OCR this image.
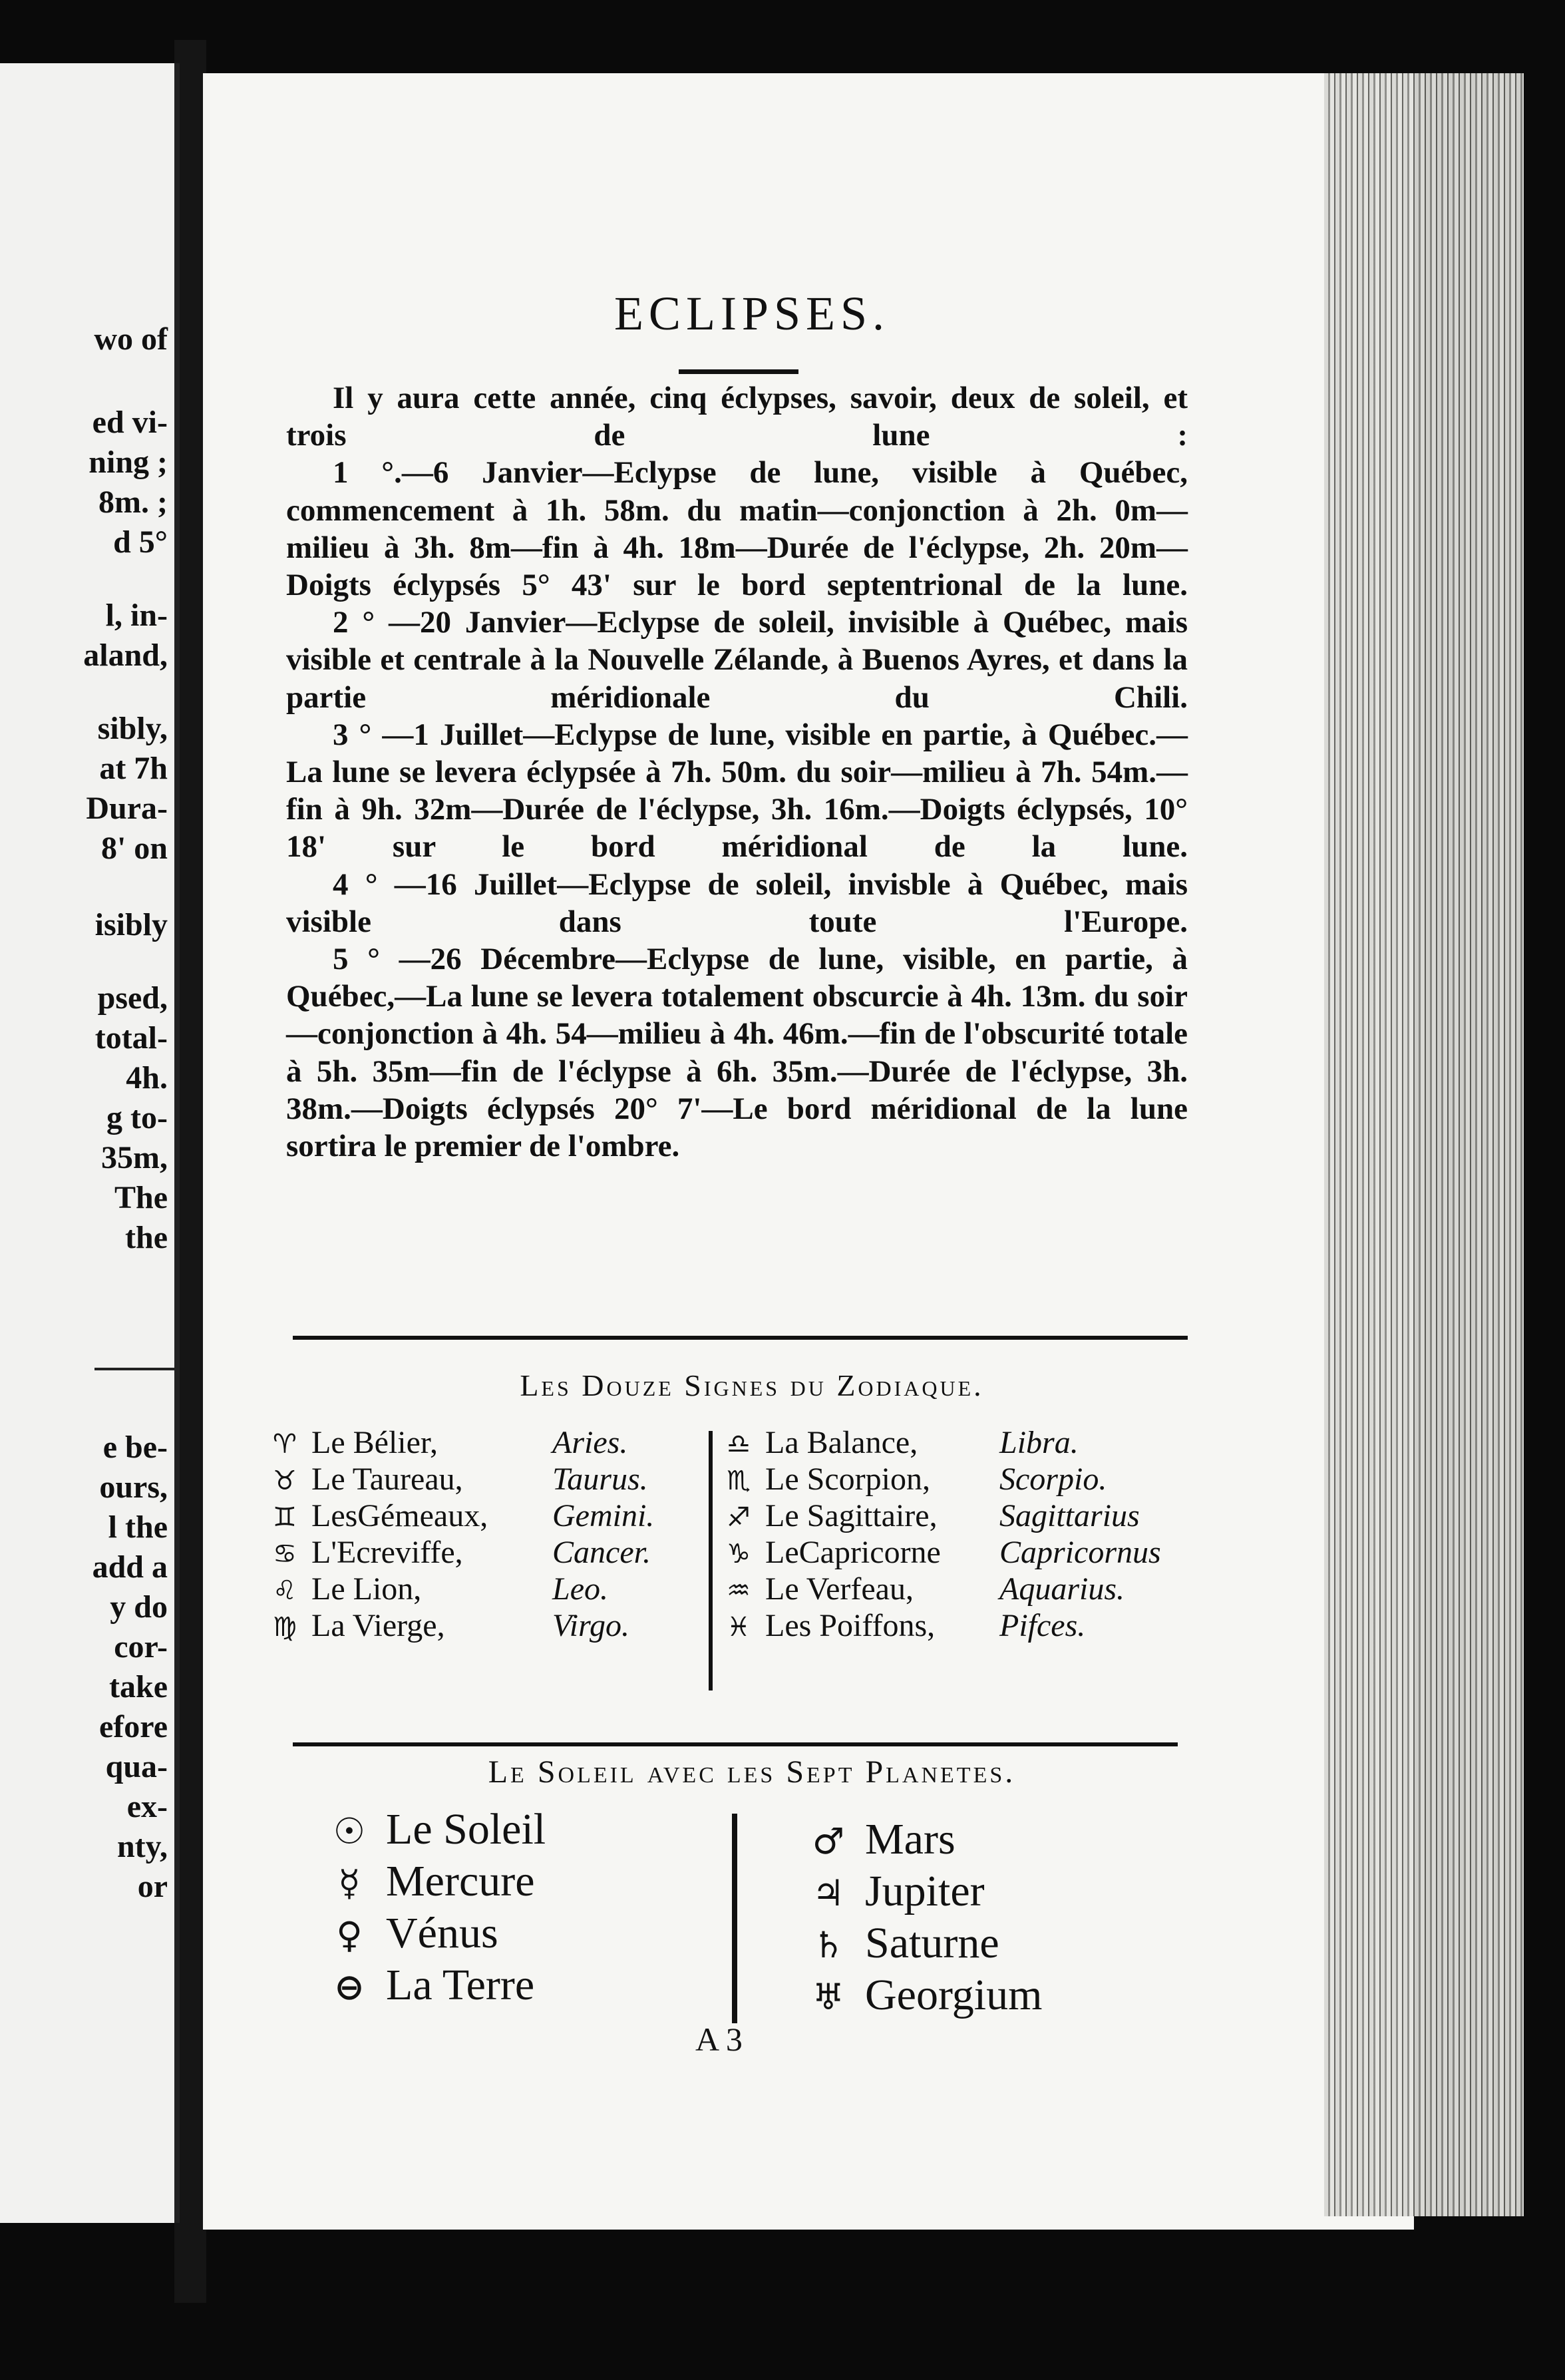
wo of
ed vi-
ning ;
8m. ;
d 5°
l, in-
aland,
sibly,
at 7h
Dura-
8' on
isibly
psed,
total-
4h.
g to-
35m,
The
the
e be-
ours,
l the
add a
y do
cor-
take
efore
qua-
ex-
nty,
or
ECLIPSES.

Il y aura cette année, cinq éclypses, savoir, deux de soleil, et trois de lune :

1 °.—6 Janvier—Eclypse de lune, visible à Québec, commencement à 1h. 58m. du matin—conjonction à 2h. 0m—milieu à 3h. 8m—fin à 4h. 18m—Durée de l'éclypse, 2h. 20m—Doigts éclypsés 5° 43' sur le bord septentrional de la lune.

2 ° —20 Janvier—Eclypse de soleil, invisible à Québec, mais visible et centrale à la Nouvelle Zélande, à Buenos Ayres, et dans la partie méridionale du Chili.

3 ° —1 Juillet—Eclypse de lune, visible en partie, à Québec.—La lune se levera éclypsée à 7h. 50m. du soir—milieu à 7h. 54m.—fin à 9h. 32m—Durée de l'éclypse, 3h. 16m.—Doigts éclypsés, 10° 18' sur le bord méridional de la lune.

4 ° —16 Juillet—Eclypse de soleil, invisble à Québec, mais visible dans toute l'Europe.

5 ° —26 Décembre—Eclypse de lune, visible, en partie, à Québec,—La lune se levera totalement obscurcie à 4h. 13m. du soir—conjonction à 4h. 54—milieu à 4h. 46m.—fin de l'obscurité totale à 5h. 35m—fin de l'éclypse à 6h. 35m.—Durée de l'éclypse, 3h. 38m.—Doigts éclypsés 20° 7'—Le bord méridional de la lune sortira le premier de l'ombre.

Les Douze Signes du Zodiaque.
♈ Le Bélier,	Aries.
♉ Le Taureau,	Taurus.
♊ LesGémeaux, Gemini.
♋ L'Ecreviffe,	Cancer.
♌ Le Lion,	Leo.
♍ La Vierge,	Virgo.
♎ La Balance,	Libra.
♏ Le Scorpion, Scorpio.
♐ Le Sagittaire, Sagittarius
♑ LeCapricorne Capricornus
♒ Le Verfeau,	Aquarius.
♓ Les Poiffons, Pifces.
Le Soleil avec les Sept Planetes.
☉ Le Soleil
☿ Mercure
♀ Vénus
⊖ La Terre
♂ Mars
♃ Jupiter
♄ Saturne
♅ Georgium
A 3
